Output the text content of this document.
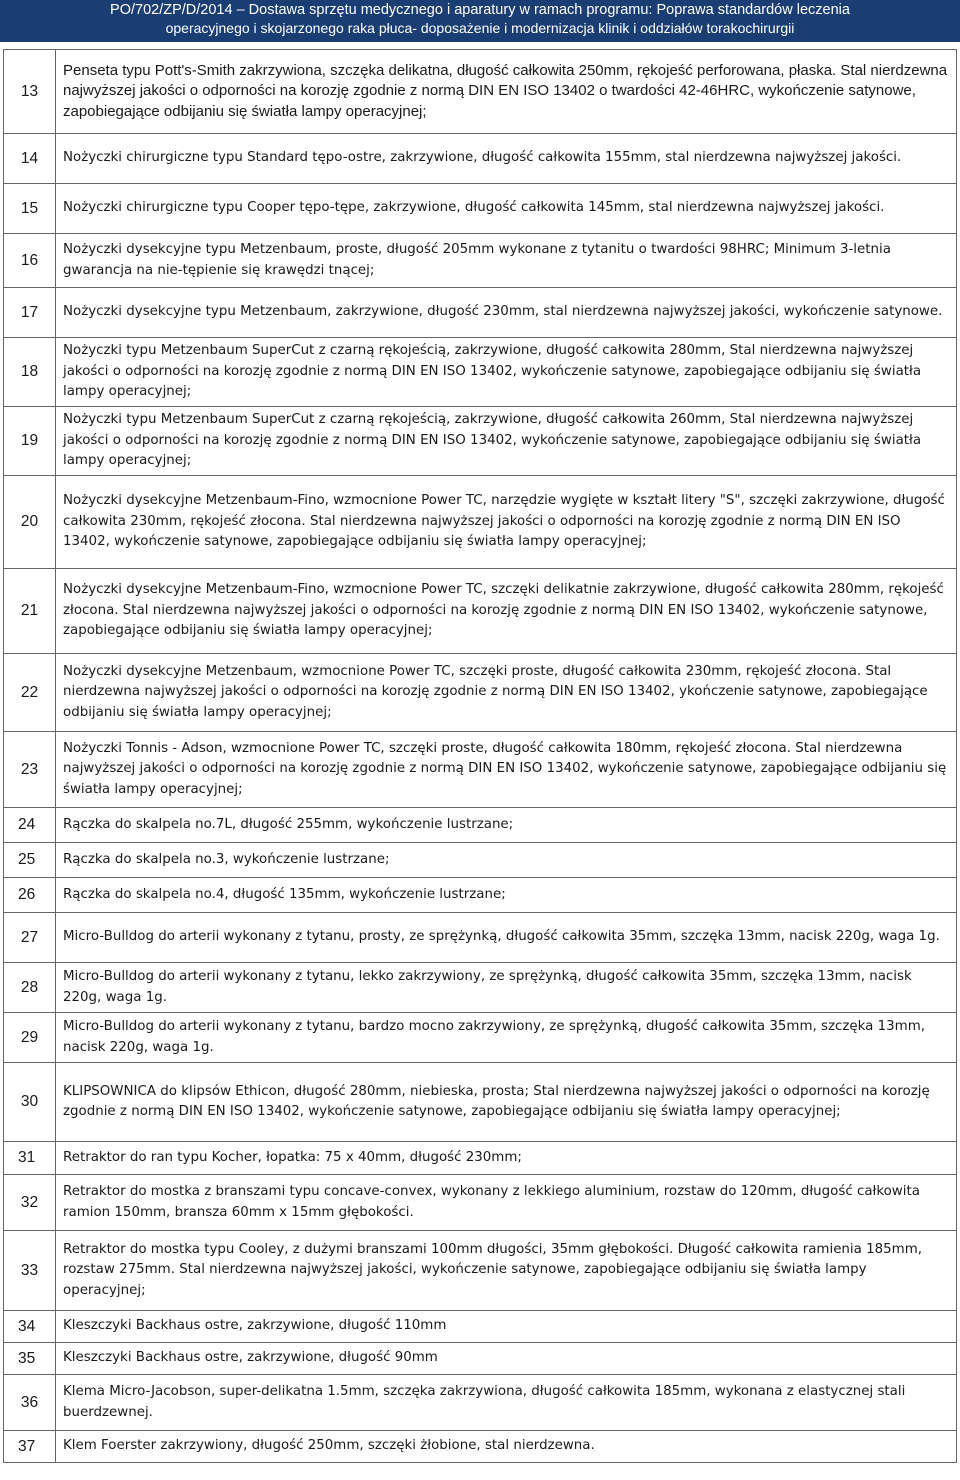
PO/702/ZP/D/2014 – Dostawa sprzętu medycznego i aparatury w ramach programu: Poprawa standardów leczenia
operacyjnego i skojarzonego raka płuca- doposażenie i modernizacja klinik i oddziałów torakochirurgii
13	Penseta typu Pott's-Smith zakrzywiona, szczęka delikatna, długość całkowita 250mm, rękojeść perforowana, płaska. Stal nierdzewna najwyższej jakości o odporności na korozję zgodnie z normą DIN EN ISO 13402 o twardości 42-46HRC, wykończenie satynowe, zapobiegające odbijaniu się światła lampy operacyjnej;
14	Nożyczki chirurgiczne typu Standard tępo-ostre, zakrzywione, długość całkowita 155mm, stal nierdzewna najwyższej jakości.
15	Nożyczki chirurgiczne typu Cooper tępo-tępe, zakrzywione, długość całkowita 145mm, stal nierdzewna najwyższej jakości.
16	Nożyczki dysekcyjne typu Metzenbaum, proste, długość 205mm wykonane z tytanitu o twardości 98HRC; Minimum 3-letnia gwarancja na nie-tępienie się krawędzi tnącej;
17	Nożyczki dysekcyjne typu Metzenbaum, zakrzywione, długość 230mm, stal nierdzewna najwyższej jakości, wykończenie satynowe.
18	Nożyczki typu Metzenbaum SuperCut z czarną rękojeścią, zakrzywione, długość całkowita 280mm, Stal nierdzewna najwyższej jakości o odporności na korozję zgodnie z normą DIN EN ISO 13402, wykończenie satynowe, zapobiegające odbijaniu się światła lampy operacyjnej;
19	Nożyczki typu Metzenbaum SuperCut z czarną rękojeścią, zakrzywione, długość całkowita 260mm, Stal nierdzewna najwyższej jakości o odporności na korozję zgodnie z normą DIN EN ISO 13402, wykończenie satynowe, zapobiegające odbijaniu się światła lampy operacyjnej;
20	Nożyczki dysekcyjne Metzenbaum-Fino, wzmocnione Power TC, narzędzie wygięte w kształt litery "S", szczęki zakrzywione, długość całkowita 230mm, rękojeść złocona. Stal nierdzewna najwyższej jakości o odporności na korozję zgodnie z normą DIN EN ISO 13402, wykończenie satynowe, zapobiegające odbijaniu się światła lampy operacyjnej;
21	Nożyczki dysekcyjne Metzenbaum-Fino, wzmocnione Power TC, szczęki delikatnie zakrzywione, długość całkowita 280mm, rękojeść złocona. Stal nierdzewna najwyższej jakości o odporności na korozję zgodnie z normą DIN EN ISO 13402, wykończenie satynowe, zapobiegające odbijaniu się światła lampy operacyjnej;
22	Nożyczki dysekcyjne Metzenbaum, wzmocnione Power TC, szczęki proste, długość całkowita 230mm, rękojeść złocona. Stal nierdzewna najwyższej jakości o odporności na korozję zgodnie z normą DIN EN ISO 13402, ykończenie satynowe, zapobiegające odbijaniu się światła lampy operacyjnej;
23	Nożyczki Tonnis - Adson, wzmocnione Power TC, szczęki proste, długość całkowita 180mm, rękojeść złocona. Stal nierdzewna najwyższej jakości o odporności na korozję zgodnie z normą DIN EN ISO 13402, wykończenie satynowe, zapobiegające odbijaniu się światła lampy operacyjnej;
24	Rączka do skalpela no.7L, długość 255mm, wykończenie lustrzane;
25	Rączka do skalpela no.3, wykończenie lustrzane;
26	Rączka do skalpela no.4, długość 135mm, wykończenie lustrzane;
27	Micro-Bulldog do arterii wykonany z tytanu, prosty, ze sprężynką, długość całkowita 35mm, szczęka 13mm, nacisk 220g, waga 1g.
28	Micro-Bulldog do arterii wykonany z tytanu, lekko zakrzywiony, ze sprężynką, długość całkowita 35mm, szczęka 13mm, nacisk 220g, waga 1g.
29	Micro-Bulldog do arterii wykonany z tytanu, bardzo mocno zakrzywiony, ze sprężynką, długość całkowita 35mm, szczęka 13mm, nacisk 220g, waga 1g.
30	KLIPSOWNICA do klipsów Ethicon, długość 280mm, niebieska, prosta; Stal nierdzewna najwyższej jakości o odporności na korozję zgodnie z normą DIN EN ISO 13402, wykończenie satynowe, zapobiegające odbijaniu się światła lampy operacyjnej;
31	Retraktor do ran typu Kocher, łopatka: 75 x 40mm, długość 230mm;
32	Retraktor do mostka z branszami typu concave-convex, wykonany z lekkiego aluminium, rozstaw do 120mm, długość całkowita ramion 150mm, bransza 60mm x 15mm głębokości.
33	Retraktor do mostka typu Cooley, z dużymi branszami 100mm długości, 35mm głębokości. Długość całkowita ramienia 185mm, rozstaw 275mm. Stal nierdzewna najwyższej jakości, wykończenie satynowe, zapobiegające odbijaniu się światła lampy operacyjnej;
34	Kleszczyki Backhaus ostre, zakrzywione, długość 110mm
35	Kleszczyki Backhaus ostre, zakrzywione, długość 90mm
36	Klema Micro-Jacobson, super-delikatna 1.5mm, szczęka zakrzywiona, długość całkowita 185mm, wykonana z elastycznej stali buerdzewnej.
37	Klem Foerster zakrzywiony, długość 250mm, szczęki żłobione, stal nierdzewna.
